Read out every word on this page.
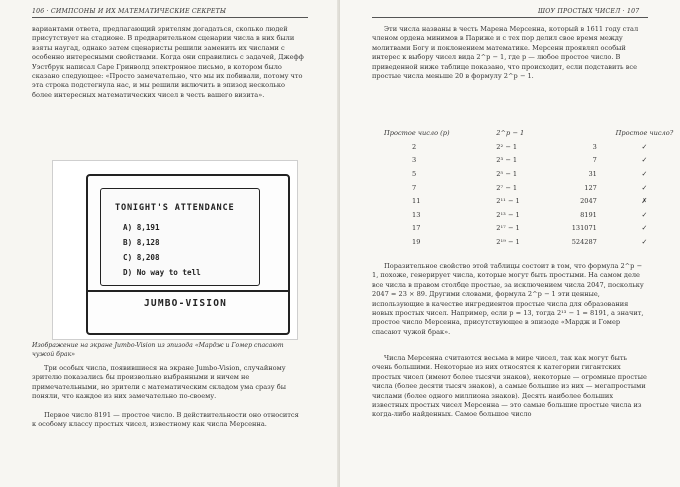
106 · СИМПСОНЫ И ИХ МАТЕМАТИЧЕСКИЕ СЕКРЕТЫ

вариантами ответа, предлагающий зрителям догадаться, сколько людей присутствует на стадионе. В предварительном сценарии числа в них были взяты наугад, однако затем сценаристы решили заменить их числами с особенно интересными свойствами. Когда они справились с задачей, Джефф Уэстбрук написал Саре Гринволд электронное письмо, в котором было сказано следующее: «Просто замечательно, что мы их побивали, потому что эта строка подстегнула нас, и мы решили включить в эпизод несколько более интересных математических чисел в честь вашего визита».

TONIGHT'S ATTENDANCE
A) 8,191
B) 8,128
C) 8,208
D) No way to tell
JUMBO-VISION

Изображение на экране Jumbo-Vision из эпизода «Мардж и Гомер спасают чужой брак»

Три особых числа, появившиеся на экране Jumbo-Vision, случайному зрителю показались бы произвольно выбранными и ничем не примечательными, но зрители с математическим складом ума сразу бы поняли, что каждое из них замечательно по-своему.

Первое число 8191 — простое число. В действительности оно относится к особому классу простых чисел, известному как числа Мерсенна.

ШОУ ПРОСТЫХ ЧИСЕЛ · 107

Эти числа названы в честь Марена Мерсенна, который в 1611 году стал членом ордена минимов в Париже и с тех пор делил свое время между молитвами Богу и поклонением математике. Мерсенн проявлял особый интерес к выбору чисел вида 2^p − 1, где p — любое простое число. В приведенной ниже таблице показано, что происходит, если подставить все простые числа меньше 20 в формулу 2^p − 1.

Простое число (p)	2^p − 1		Простое число?
2	2² − 1	3	✓
3	2³ − 1	7	✓
5	2⁵ − 1	31	✓
7	2⁷ − 1	127	✓
11	2¹¹ − 1	2047	✗
13	2¹³ − 1	8191	✓
17	2¹⁷ − 1	131071	✓
19	2¹⁹ − 1	524287	✓

Поразительное свойство этой таблицы состоит в том, что формула 2^p − 1, похоже, генерирует числа, которые могут быть простыми. На самом деле все числа в правом столбце простые, за исключением числа 2047, поскольку 2047 = 23 × 89. Другими словами, формула 2^p − 1 эти ценные, использующие в качестве ингредиентов простые числа для образования новых простых чисел. Например, если p = 13, тогда 2¹³ − 1 = 8191, а значит, простое число Мерсенна, присутствующее в эпизоде «Мардж и Гомер спасают чужой брак».

Числа Мерсенна считаются весьма в мире чисел, так как могут быть очень большими. Некоторые из них относятся к категории гигантских простых чисел (имеют более тысячи знаков), некоторые — огромные простые числа (более десяти тысяч знаков), а самые большие из них — мегапростыми числами (более одного миллиона знаков). Десять наиболее больших известных простых чисел Мерсенна — это самые большие простые числа из когда-либо найденных. Самое большое число
